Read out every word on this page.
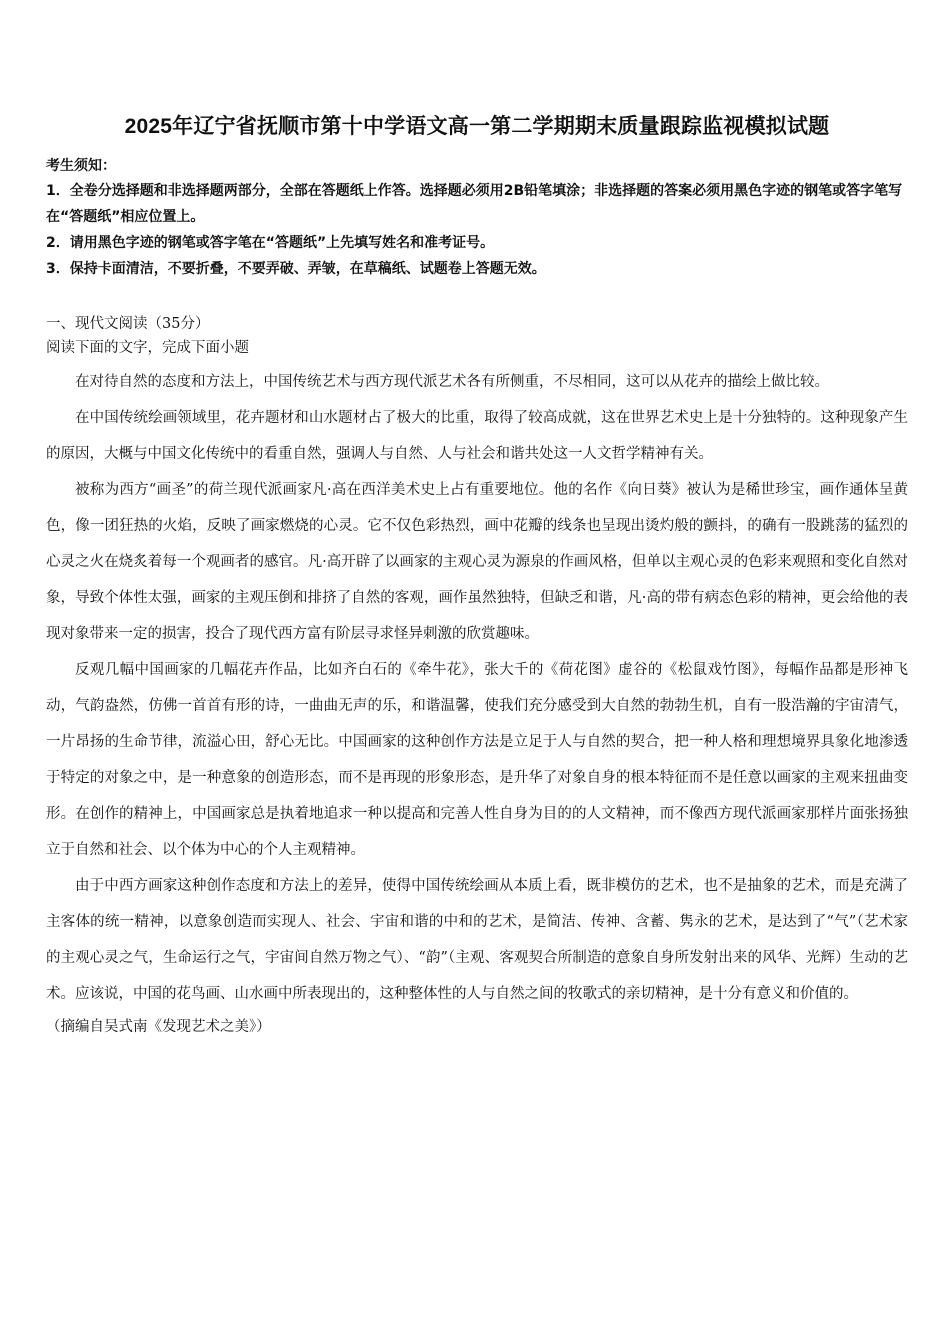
2025年辽宁省抚顺市第十中学语文高一第二学期期末质量跟踪监视模拟试题
考生须知：
1．全卷分选择题和非选择题两部分，全部在答题纸上作答。选择题必须用2B铅笔填涂；非选择题的答案必须用黑色字迹的钢笔或答字笔写在“答题纸”相应位置上。
2．请用黑色字迹的钢笔或答字笔在“答题纸”上先填写姓名和准考证号。
3．保持卡面清洁，不要折叠，不要弄破、弄皱，在草稿纸、试题卷上答题无效。
一、现代文阅读（35分）
阅读下面的文字，完成下面小题

在对待自然的态度和方法上，中国传统艺术与西方现代派艺术各有所侧重，不尽相同，这可以从花卉的描绘上做比较。

在中国传统绘画领域里，花卉题材和山水题材占了极大的比重，取得了较高成就，这在世界艺术史上是十分独特的。这种现象产生的原因，大概与中国文化传统中的看重自然，强调人与自然、人与社会和谐共处这一人文哲学精神有关。

被称为西方“画圣”的荷兰现代派画家凡·高在西洋美术史上占有重要地位。他的名作《向日葵》被认为是稀世珍宝，画作通体呈黄色，像一团狂热的火焰，反映了画家燃烧的心灵。它不仅色彩热烈，画中花瓣的线条也呈现出烫灼般的颤抖，的确有一股跳荡的猛烈的心灵之火在烧炙着每一个观画者的感官。凡·高开辟了以画家的主观心灵为源泉的作画风格，但单以主观心灵的色彩来观照和变化自然对象，导致个体性太强，画家的主观压倒和排挤了自然的客观，画作虽然独特，但缺乏和谐，凡·高的带有病态色彩的精神，更会给他的表现对象带来一定的损害，投合了现代西方富有阶层寻求怪异刺激的欣赏趣味。

反观几幅中国画家的几幅花卉作品，比如齐白石的《牵牛花》，张大千的《荷花图》虚谷的《松鼠戏竹图》，每幅作品都是形神飞动，气韵盎然，仿佛一首首有形的诗，一曲曲无声的乐，和谐温馨，使我们充分感受到大自然的勃勃生机，自有一股浩瀚的宇宙清气，一片昂扬的生命节律，流溢心田，舒心无比。中国画家的这种创作方法是立足于人与自然的契合，把一种人格和理想境界具象化地渗透于特定的对象之中，是一种意象的创造形态，而不是再现的形象形态，是升华了对象自身的根本特征而不是任意以画家的主观来扭曲变形。在创作的精神上，中国画家总是执着地追求一种以提高和完善人性自身为目的的人文精神，而不像西方现代派画家那样片面张扬独立于自然和社会、以个体为中心的个人主观精神。

由于中西方画家这种创作态度和方法上的差异，使得中国传统绘画从本质上看，既非模仿的艺术，也不是抽象的艺术，而是充满了主客体的统一精神，以意象创造而实现人、社会、宇宙和谐的中和的艺术，是简洁、传神、含蓄、隽永的艺术，是达到了“气”（艺术家的主观心灵之气，生命运行之气，宇宙间自然万物之气）、“韵”（主观、客观契合所制造的意象自身所发射出来的风华、光辉）生动的艺术。应该说，中国的花鸟画、山水画中所表现出的，这种整体性的人与自然之间的牧歌式的亲切精神，是十分有意义和价值的。

（摘编自吴式南《发现艺术之美》）
